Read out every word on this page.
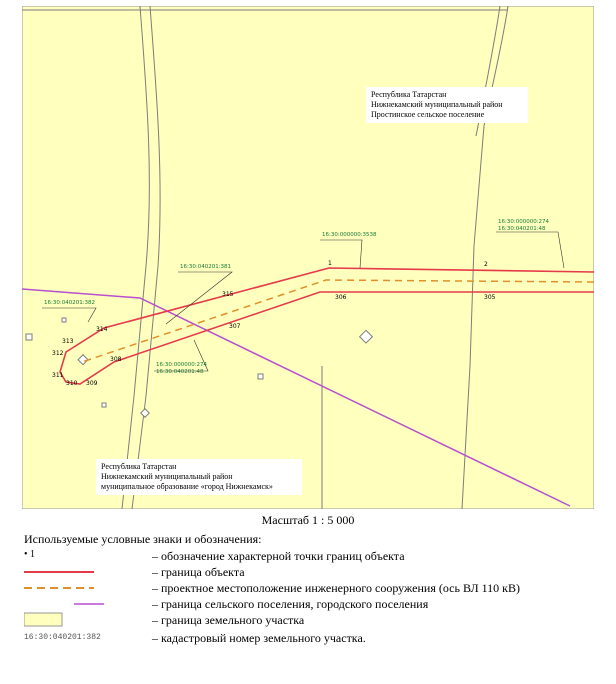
Республика Татарстан
Нижнекамский муниципальный район
Простинское сельское поселение
Республика Татарстан
Нижнекамский муниципальный район
муниципальное образование «город Нижнекамск»
16:30:000000:3538
16:30:000000:274
16:30:040201:48
16:30:040201:381
16:30:040201:382
16:30:000000:274
16:30:040201:48
1	2
305
306
307
308
309
310
311
312
313
314
315
Масштаб 1 : 5 000
Используемые условные знаки и обозначения:
• 1	– обозначение характерной точки границ объекта
– граница объекта
– проектное местоположение инженерного сооружения (ось ВЛ 110 кВ)
– граница сельского поселения, городского поселения
– граница земельного участка
16:30:040201:382	– кадастровый номер земельного участка.
